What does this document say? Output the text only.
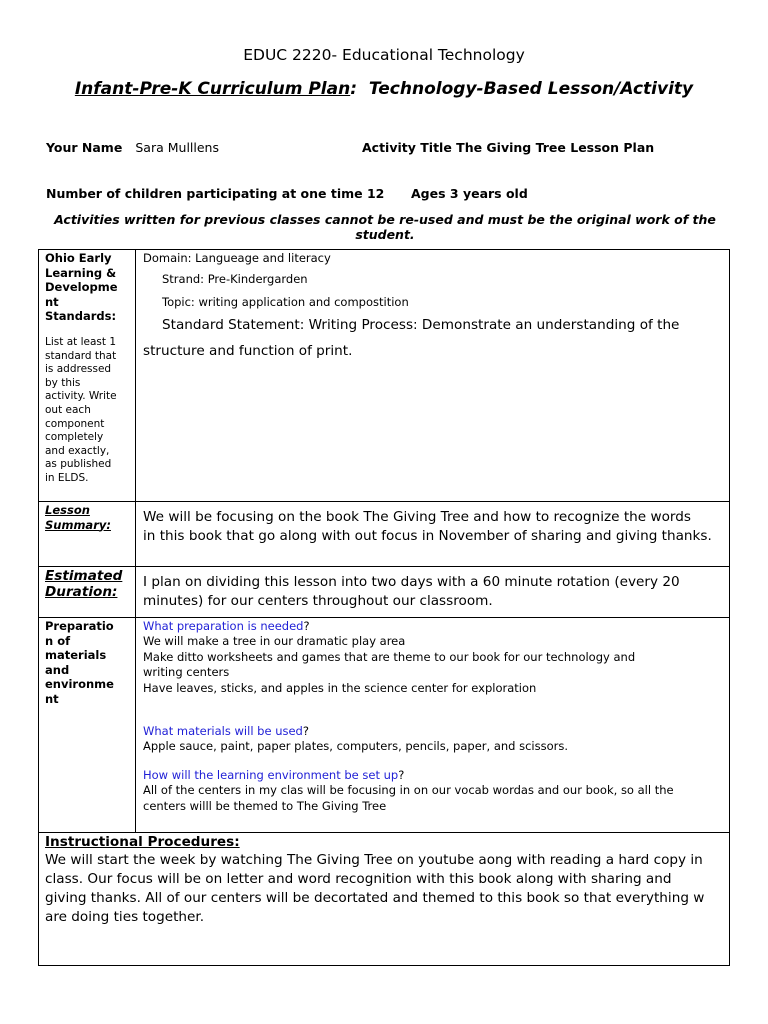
EDUC 2220- Educational Technology
Infant-Pre-K Curriculum Plan:  Technology-Based Lesson/Activity
Your Name Sara Mulllens	Activity Title The Giving Tree Lesson Plan
Number of children participating at one time 12 Ages 3 years old
Activities written for previous classes cannot be re-used and must be the original work of the student.
Ohio Early
Learning &
Developme
nt
Standards:
List at least 1
standard that
is addressed
by this
activity. Write
out each
component
completely
and exactly,
as published
in ELDS.
Domain: Langueage and literacy
Strand: Pre-Kindergarden
Topic: writing application and compostition
Standard Statement: Writing Process: Demonstrate an understanding of the
structure and function of print.
Lesson
Summary:	We will be focusing on the book The Giving Tree and how to recognize the words
in this book that go along with out focus in November of sharing and giving thanks.
Estimated
Duration:
I plan on dividing this lesson into two days with a 60 minute rotation (every 20
minutes) for our centers throughout our classroom.
Preparatio
n of
materials
and
environme
nt
What preparation is needed?
We will make a tree in our dramatic play area
Make ditto worksheets and games that are theme to our book for our technology and
writing centers
Have leaves, sticks, and apples in the science center for exploration
What materials will be used?
Apple sauce, paint, paper plates, computers, pencils, paper, and scissors.
How will the learning environment be set up?
All of the centers in my clas will be focusing in on our vocab wordas and our book, so all the
centers willl be themed to The Giving Tree
Instructional Procedures:
We will start the week by watching The Giving Tree on youtube aong with reading a hard copy in
class. Our focus will be on letter and word recognition with this book along with sharing and
giving thanks. All of our centers will be decortated and themed to this book so that everything w
are doing ties together.
